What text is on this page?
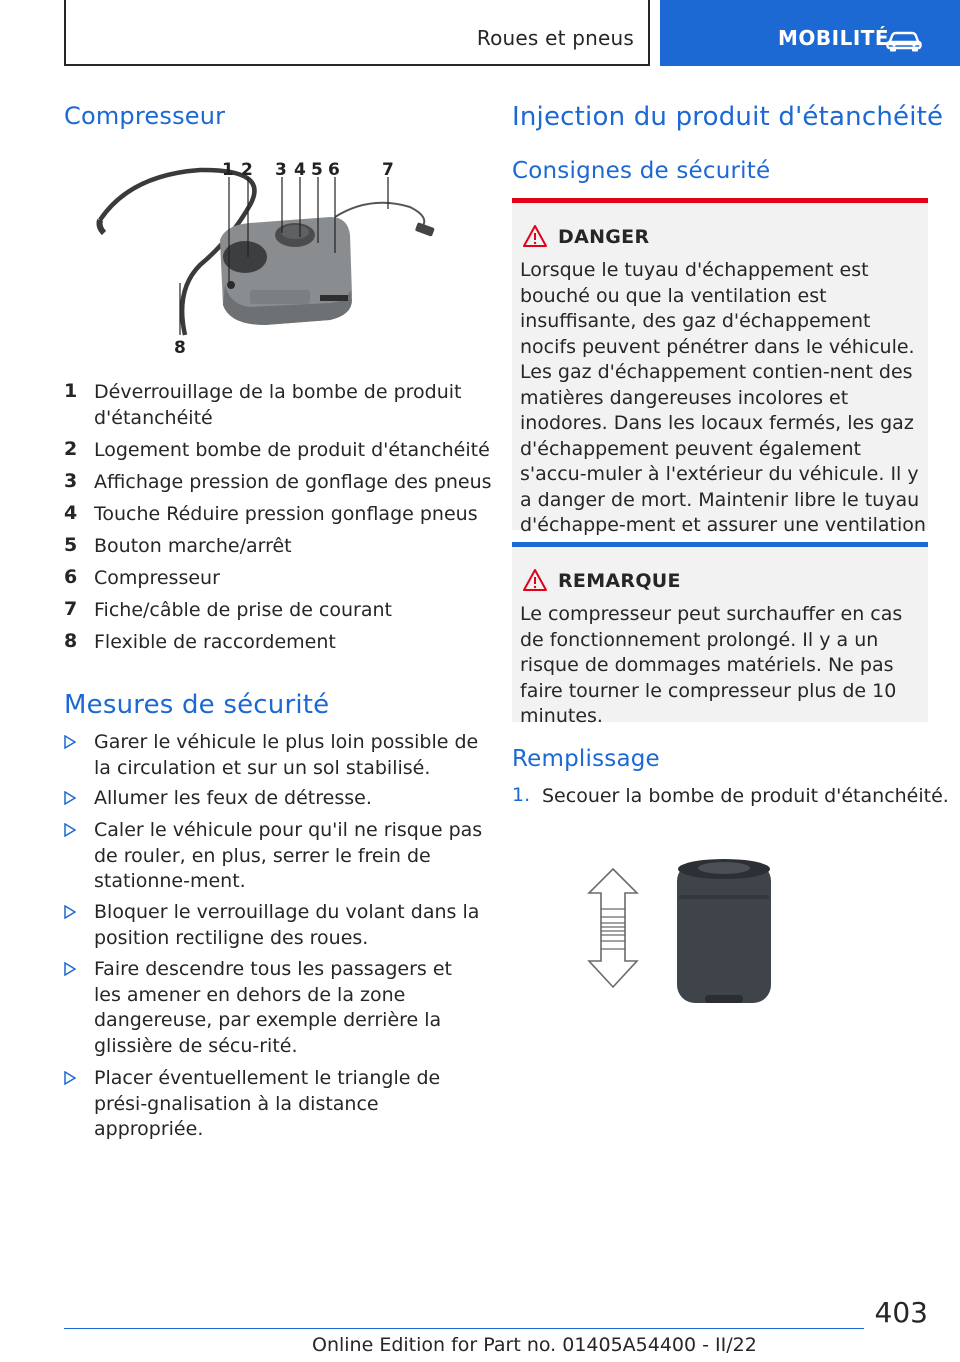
Roues et pneus	MOBILITÉ
Compresseur
1 2 3 4 5 6 7
8
1 Déverrouillage de la bombe de produit d'étanchéité
2 Logement bombe de produit d'étanchéité
3 Affichage pression de gonflage des pneus
4 Touche Réduire pression gonflage pneus
5 Bouton marche/arrêt
6 Compresseur
7 Fiche/câble de prise de courant
8 Flexible de raccordement
Mesures de sécurité
Garer le véhicule le plus loin possible de la circulation et sur un sol stabilisé.
Allumer les feux de détresse.
Caler le véhicule pour qu'il ne risque pas de rouler, en plus, serrer le frein de stationne-ment.
Bloquer le verrouillage du volant dans la position rectiligne des roues.
Faire descendre tous les passagers et les amener en dehors de la zone dangereuse, par exemple derrière la glissière de sécu-rité.
Placer éventuellement le triangle de prési-gnalisation à la distance appropriée.
Injection du produit d'étanchéité
Consignes de sécurité
DANGER
Lorsque le tuyau d'échappement est bouché ou que la ventilation est insuffisante, des gaz d'échappement nocifs peuvent pénétrer dans le véhicule. Les gaz d'échappement contien-nent des matières dangereuses incolores et inodores. Dans les locaux fermés, les gaz d'échappement peuvent également s'accu-muler à l'extérieur du véhicule. Il y a danger de mort. Maintenir libre le tuyau d'échappe-ment et assurer une ventilation
REMARQUE
Le compresseur peut surchauffer en cas de fonctionnement prolongé. Il y a un risque de dommages matériels. Ne pas faire tourner le compresseur plus de 10 minutes.
Remplissage
1. Secouer la bombe de produit d'étanchéité.
403
Online Edition for Part no. 01405A54400 - II/22
